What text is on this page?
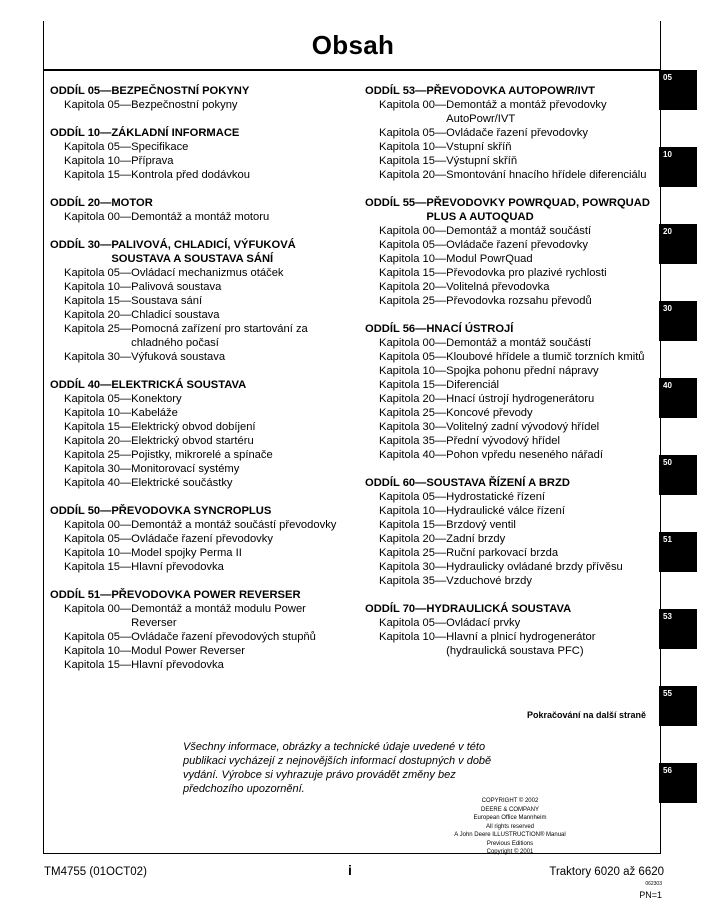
Obsah
ODDÍL 05— BEZPEČNOSTNÍ POKYNY
Kapitola 05 — Bezpečnostní pokyny
ODDÍL 10— ZÁKLADNÍ INFORMACE
Kapitola 05 — Specifikace
Kapitola 10 — Příprava
Kapitola 15 — Kontrola před dodávkou
ODDÍL 20— MOTOR
Kapitola 00 — Demontáž a montáž motoru
ODDÍL 30— PALIVOVÁ, CHLADICÍ, VÝFUKOVÁ SOUSTAVA A SOUSTAVA SÁNÍ
Kapitola 05 — Ovládací mechanizmus otáček
Kapitola 10 — Palivová soustava
Kapitola 15 — Soustava sání
Kapitola 20 — Chladicí soustava
Kapitola 25 — Pomocná zařízení pro startování za chladného počasí
Kapitola 30 — Výfuková soustava
ODDÍL 40— ELEKTRICKÁ SOUSTAVA
Kapitola 05 — Konektory
Kapitola 10 — Kabeláže
Kapitola 15 — Elektrický obvod dobíjení
Kapitola 20 — Elektrický obvod startéru
Kapitola 25 — Pojistky, mikrorelé a spínače
Kapitola 30 — Monitorovací systémy
Kapitola 40 — Elektrické součástky
ODDÍL 50— PŘEVODOVKA SYNCROPLUS
Kapitola 00 — Demontáž a montáž součástí převodovky
Kapitola 05 — Ovládače řazení převodovky
Kapitola 10 — Model spojky Perma II
Kapitola 15 — Hlavní převodovka
ODDÍL 51— PŘEVODOVKA POWER REVERSER
Kapitola 00 — Demontáž a montáž modulu Power Reverser
Kapitola 05 — Ovládače řazení převodových stupňů
Kapitola 10 — Modul Power Reverser
Kapitola 15 — Hlavní převodovka
ODDÍL 53— PŘEVODOVKA AUTOPOWR/IVT
Kapitola 00 — Demontáž a montáž převodovky AutoPowr/IVT
Kapitola 05 — Ovládače řazení převodovky
Kapitola 10 — Vstupní skříň
Kapitola 15 — Výstupní skříň
Kapitola 20 — Smontování hnacího hřídele diferenciálu
ODDÍL 55— PŘEVODOVKY POWRQUAD, POWRQUAD PLUS A AUTOQUAD
Kapitola 00 — Demontáž a montáž součástí
Kapitola 05 — Ovládače řazení převodovky
Kapitola 10 — Modul PowrQuad
Kapitola 15 — Převodovka pro plazivé rychlosti
Kapitola 20 — Volitelná převodovka
Kapitola 25 — Převodovka rozsahu převodů
ODDÍL 56— HNACÍ ÚSTROJÍ
Kapitola 00 — Demontáž a montáž součástí
Kapitola 05 — Kloubové hřídele a tlumič torzních kmitů
Kapitola 10 — Spojka pohonu přední nápravy
Kapitola 15 — Diferenciál
Kapitola 20 — Hnací ústrojí hydrogenerátoru
Kapitola 25 — Koncové převody
Kapitola 30 — Volitelný zadní vývodový hřídel
Kapitola 35 — Přední vývodový hřídel
Kapitola 40 — Pohon vpředu neseného nářadí
ODDÍL 60— SOUSTAVA ŘÍZENÍ A BRZD
Kapitola 05 — Hydrostatické řízení
Kapitola 10 — Hydraulické válce řízení
Kapitola 15 — Brzdový ventil
Kapitola 20 — Zadní brzdy
Kapitola 25 — Ruční parkovací brzda
Kapitola 30 — Hydraulicky ovládané brzdy přívěsu
Kapitola 35 — Vzduchové brzdy
ODDÍL 70— HYDRAULICKÁ SOUSTAVA
Kapitola 05 — Ovládací prvky
Kapitola 10 — Hlavní a plnicí hydrogenerátor (hydraulická soustava PFC)
Pokračování na další straně
Všechny informace, obrázky a technické údaje uvedené v této publikaci vycházejí z nejnovějších informací dostupných v době vydání. Výrobce si vyhrazuje právo provádět změny bez předchozího upozornění.
COPYRIGHT © 2002
DEERE & COMPANY
European Office Mannheim
All rights reserved
A John Deere ILLUSTRUCTION® Manual
Previous Editions
Copyright © 2001
TM4755 (01OCT02)	i	Traktory 6020 až 6620
062303
PN=1
05
10
20
30
40
50
51
53
55
56
